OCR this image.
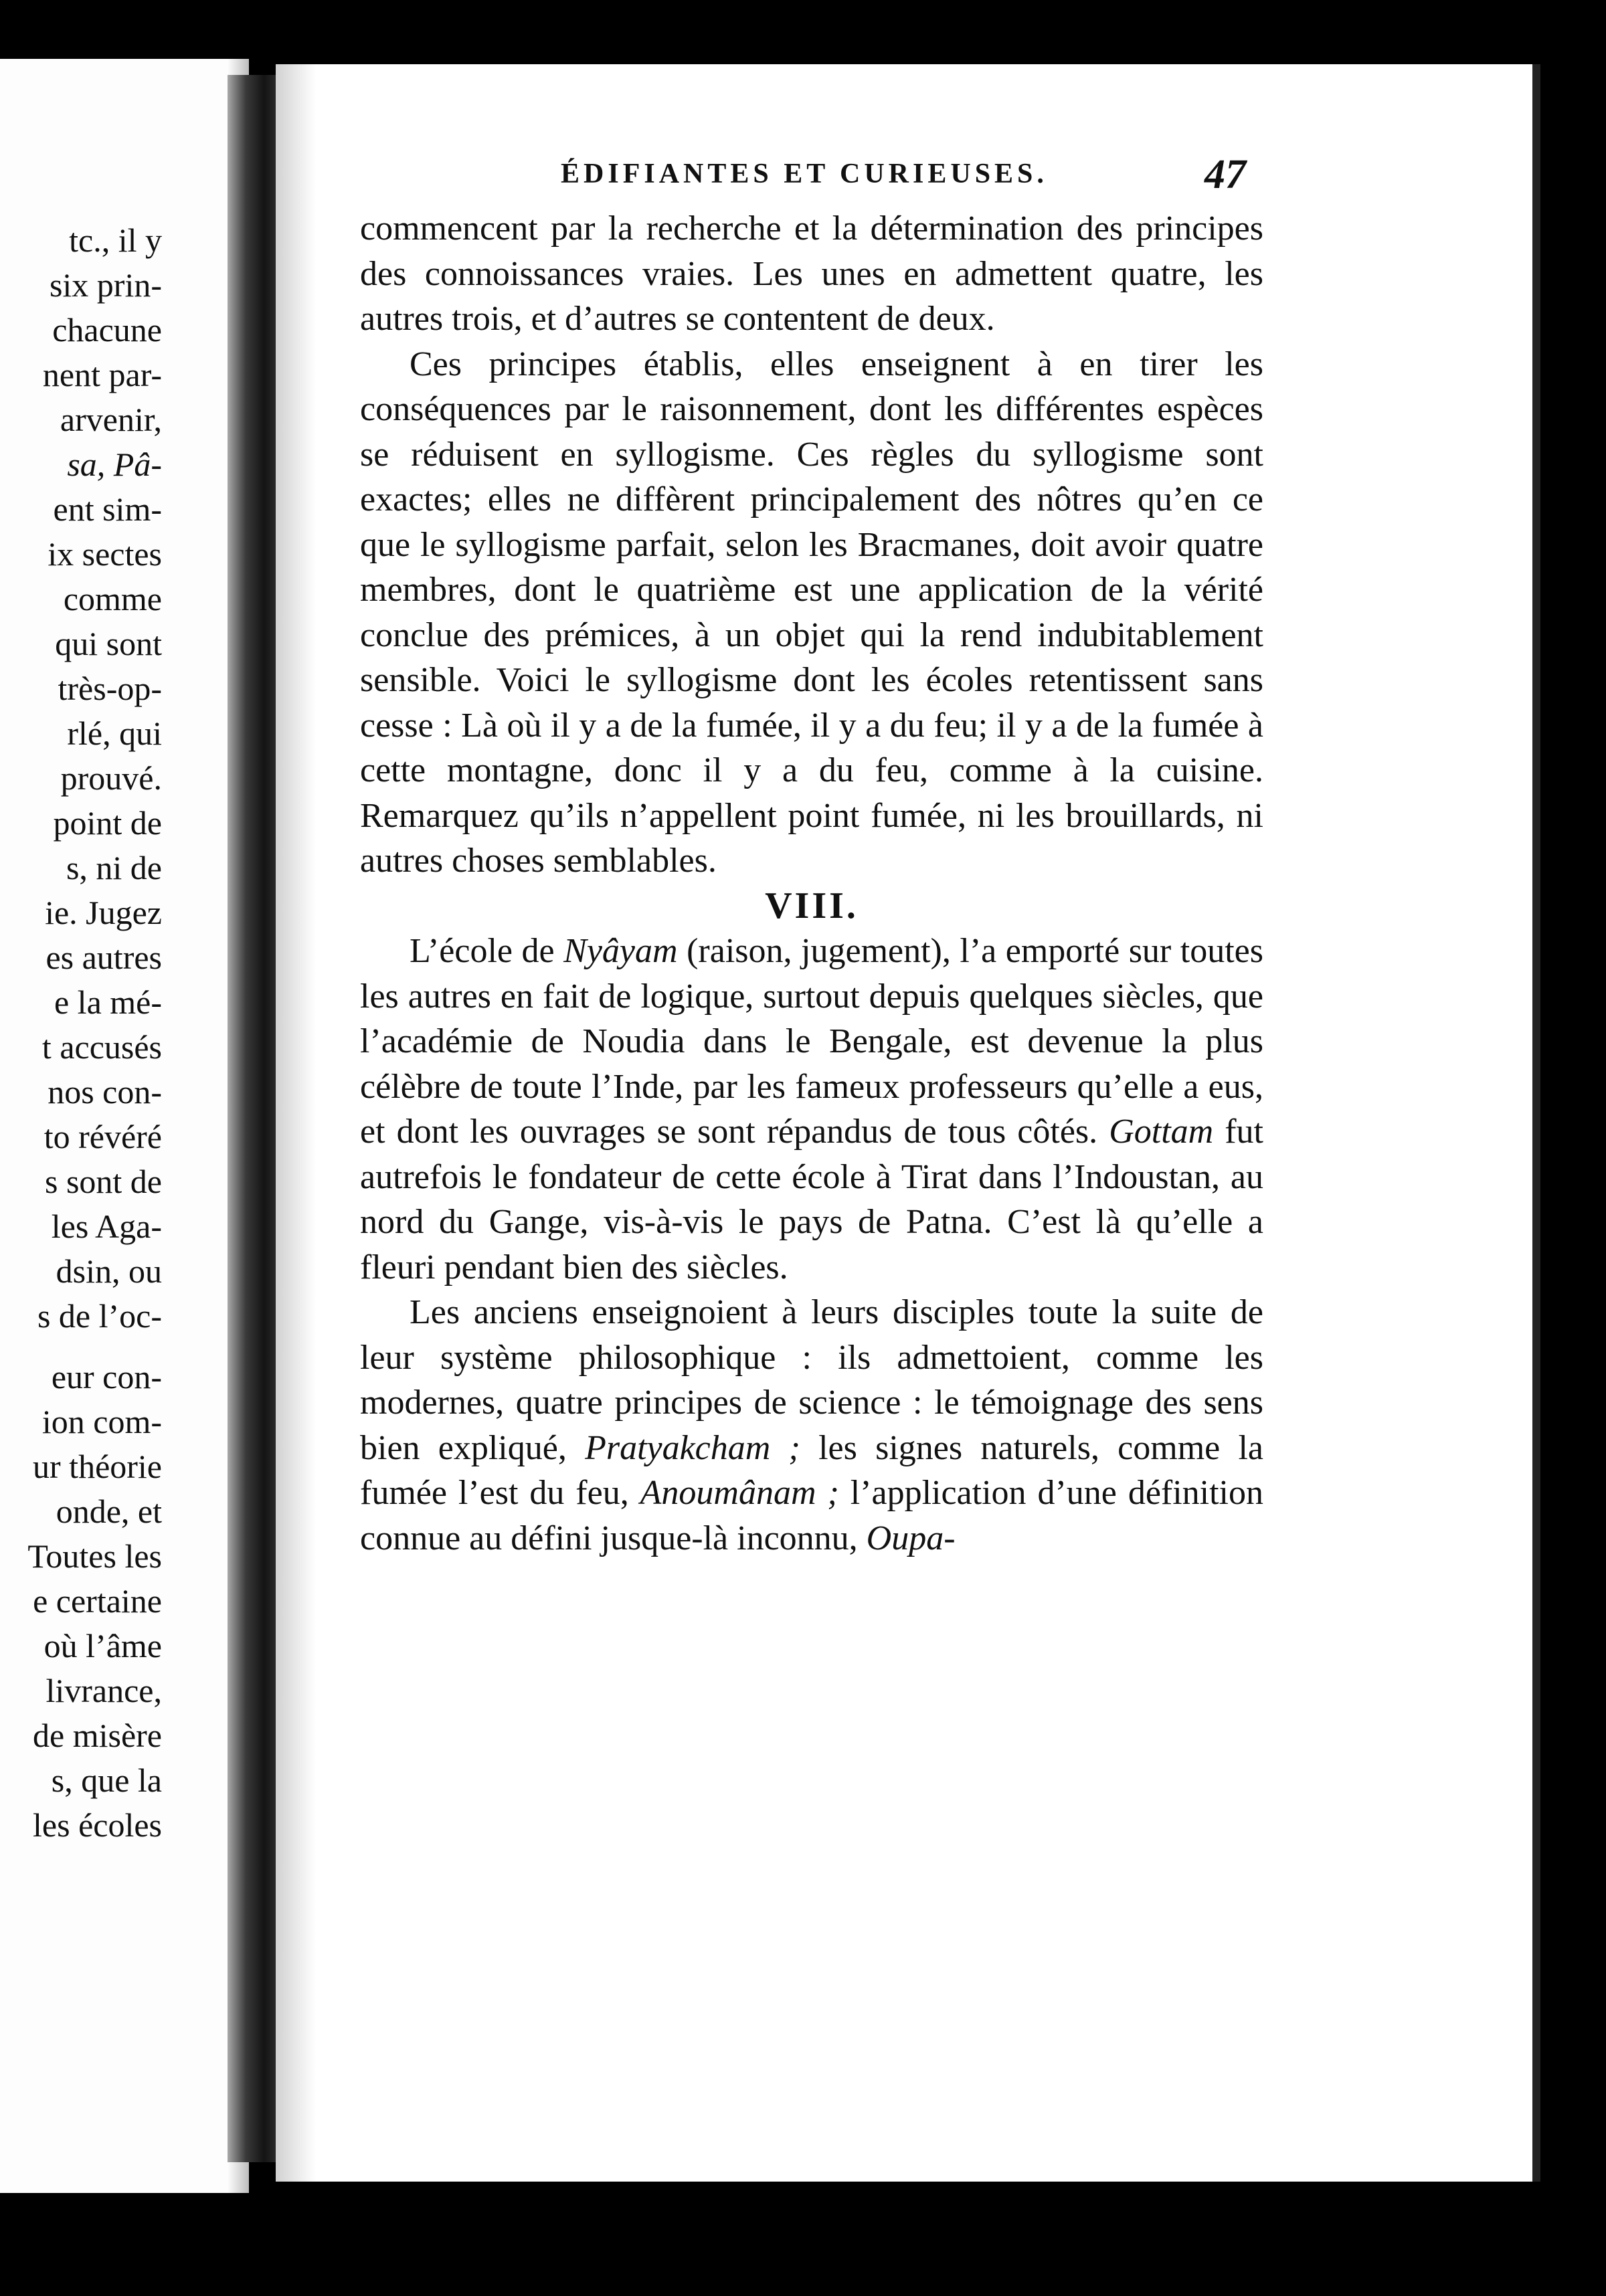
tc., il y
six prin-
chacune
nent par-
arvenir,
sa, Pâ-
ent sim-
ix sectes
comme
qui sont
très-op-
rlé, qui
prouvé.
point de
s, ni de
ie. Jugez
es autres
e la mé-
t accusés
nos con-
to révéré
s sont de
les Aga-
dsin, ou
s de l’oc-
eur con-
ion com-
ur théorie
onde, et
Toutes les
e certaine
où l’âme
livrance,
de misère
s, que la
les écoles
ÉDIFIANTES ET CURIEUSES.	47

commencent par la recherche et la détermination des principes des connoissances vraies. Les unes en admettent quatre, les autres trois, et d’autres se contentent de deux.

Ces principes établis, elles enseignent à en tirer les conséquences par le raisonnement, dont les différentes espèces se réduisent en syllogisme. Ces règles du syllogisme sont exactes; elles ne diffèrent principalement des nôtres qu’en ce que le syllogisme parfait, selon les Bracmanes, doit avoir quatre membres, dont le quatrième est une application de la vérité conclue des prémices, à un objet qui la rend indubitablement sensible. Voici le syllogisme dont les écoles retentissent sans cesse : Là où il y a de la fumée, il y a du feu; il y a de la fumée à cette montagne, donc il y a du feu, comme à la cuisine. Remarquez qu’ils n’appellent point fumée, ni les brouillards, ni autres choses semblables.

VIII.

L’école de Nyâyam (raison, jugement), l’a emporté sur toutes les autres en fait de logique, surtout depuis quelques siècles, que l’académie de Noudia dans le Bengale, est devenue la plus célèbre de toute l’Inde, par les fameux professeurs qu’elle a eus, et dont les ouvrages se sont répandus de tous côtés. Gottam fut autrefois le fondateur de cette école à Tirat dans l’Indoustan, au nord du Gange, vis-à-vis le pays de Patna. C’est là qu’elle a fleuri pendant bien des siècles.

Les anciens enseignoient à leurs disciples toute la suite de leur système philosophique : ils admettoient, comme les modernes, quatre principes de science : le témoignage des sens bien expliqué, Pratyakcham ; les signes naturels, comme la fumée l’est du feu, Anoumânam ; l’application d’une définition connue au défini jusque-là inconnu, Oupa-
